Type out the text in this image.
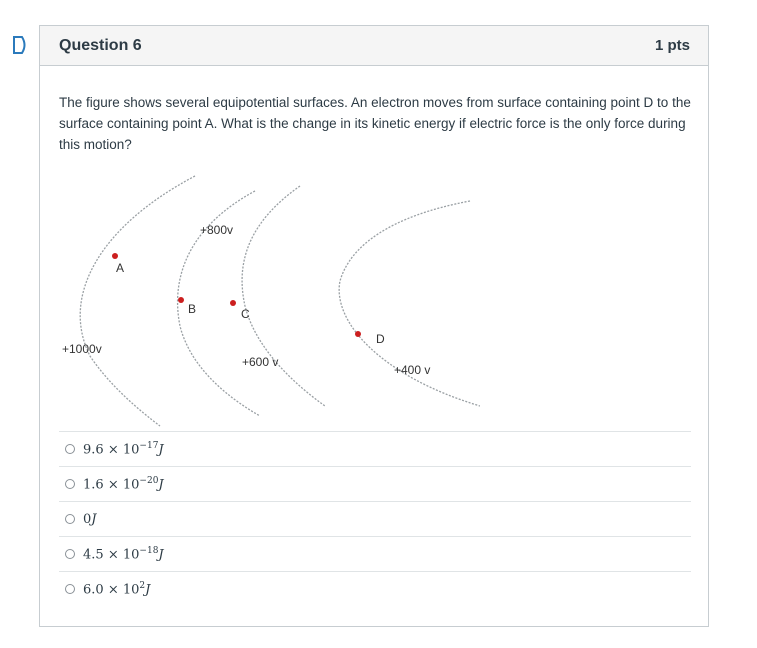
Question 6	1 pts
The figure shows several equipotential surfaces. An electron moves from surface containing point D to the surface containing point A. What is the change in its kinetic energy if electric force is the only force during this motion?
+1000v
+800v
+600 v
+400 v
A
B	C
D
$9.6 \times 10^{-17}J$
$1.6 \times 10^{-20}J$
0J
$4.5 \times 10^{-18}J$
$6.0 \times 10^2J$
